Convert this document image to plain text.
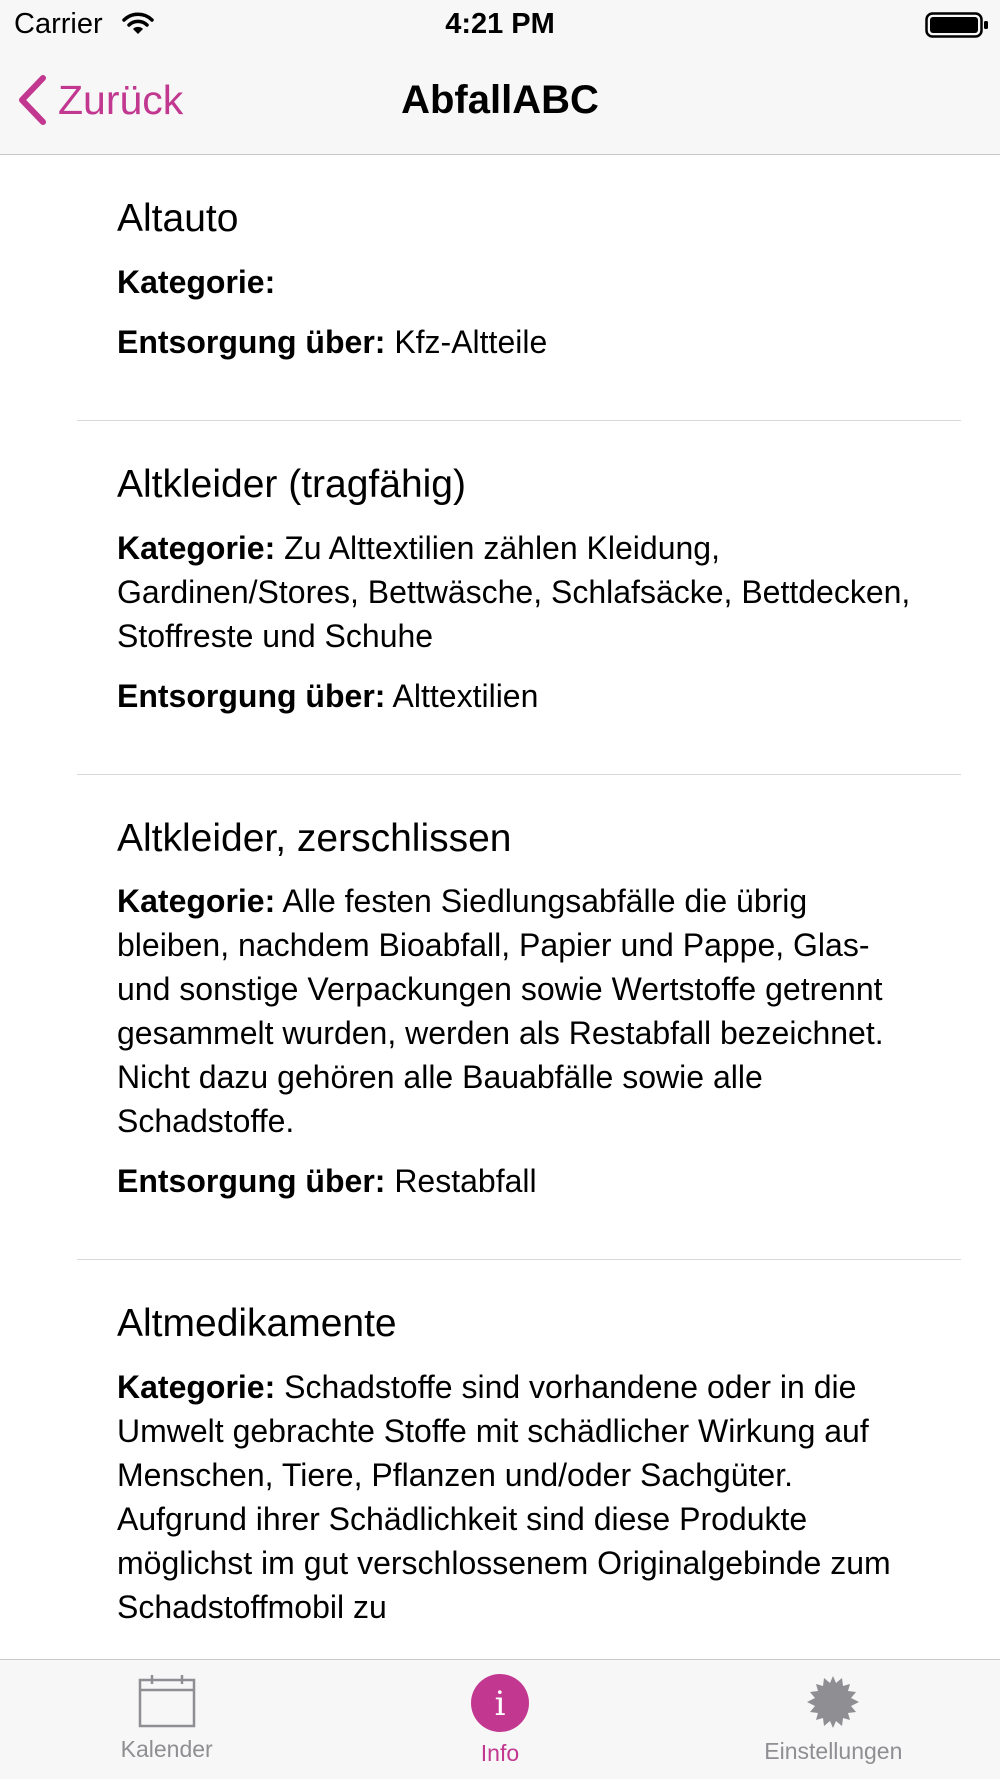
Carrier	4:21 PM
Zurück	AbfallABC
Altauto
Kategorie:
Entsorgung über: Kfz-Altteile
Altkleider (tragfähig)
Kategorie: Zu Alttextilien zählen Kleidung, Gardinen/Stores, Bettwäsche, Schlafsäcke, Bettdecken, Stoffreste und Schuhe
Entsorgung über: Alttextilien
Altkleider, zerschlissen
Kategorie: Alle festen Siedlungsabfälle die übrig bleiben, nachdem Bioabfall, Papier und Pappe, Glas- und sonstige Verpackungen sowie Wertstoffe getrennt gesammelt wurden, werden als Restabfall bezeichnet. Nicht dazu gehören alle Bauabfälle sowie alle Schadstoffe.
Entsorgung über: Restabfall
Altmedikamente
Kategorie: Schadstoffe sind vorhandene oder in die Umwelt gebrachte Stoffe mit schädlicher Wirkung auf Menschen, Tiere, Pflanzen und/oder Sachgüter. Aufgrund ihrer Schädlichkeit sind diese Produkte möglichst im gut verschlossenem Originalgebinde zum Schadstoffmobil zu
Kalender
i
Info	Einstellungen
